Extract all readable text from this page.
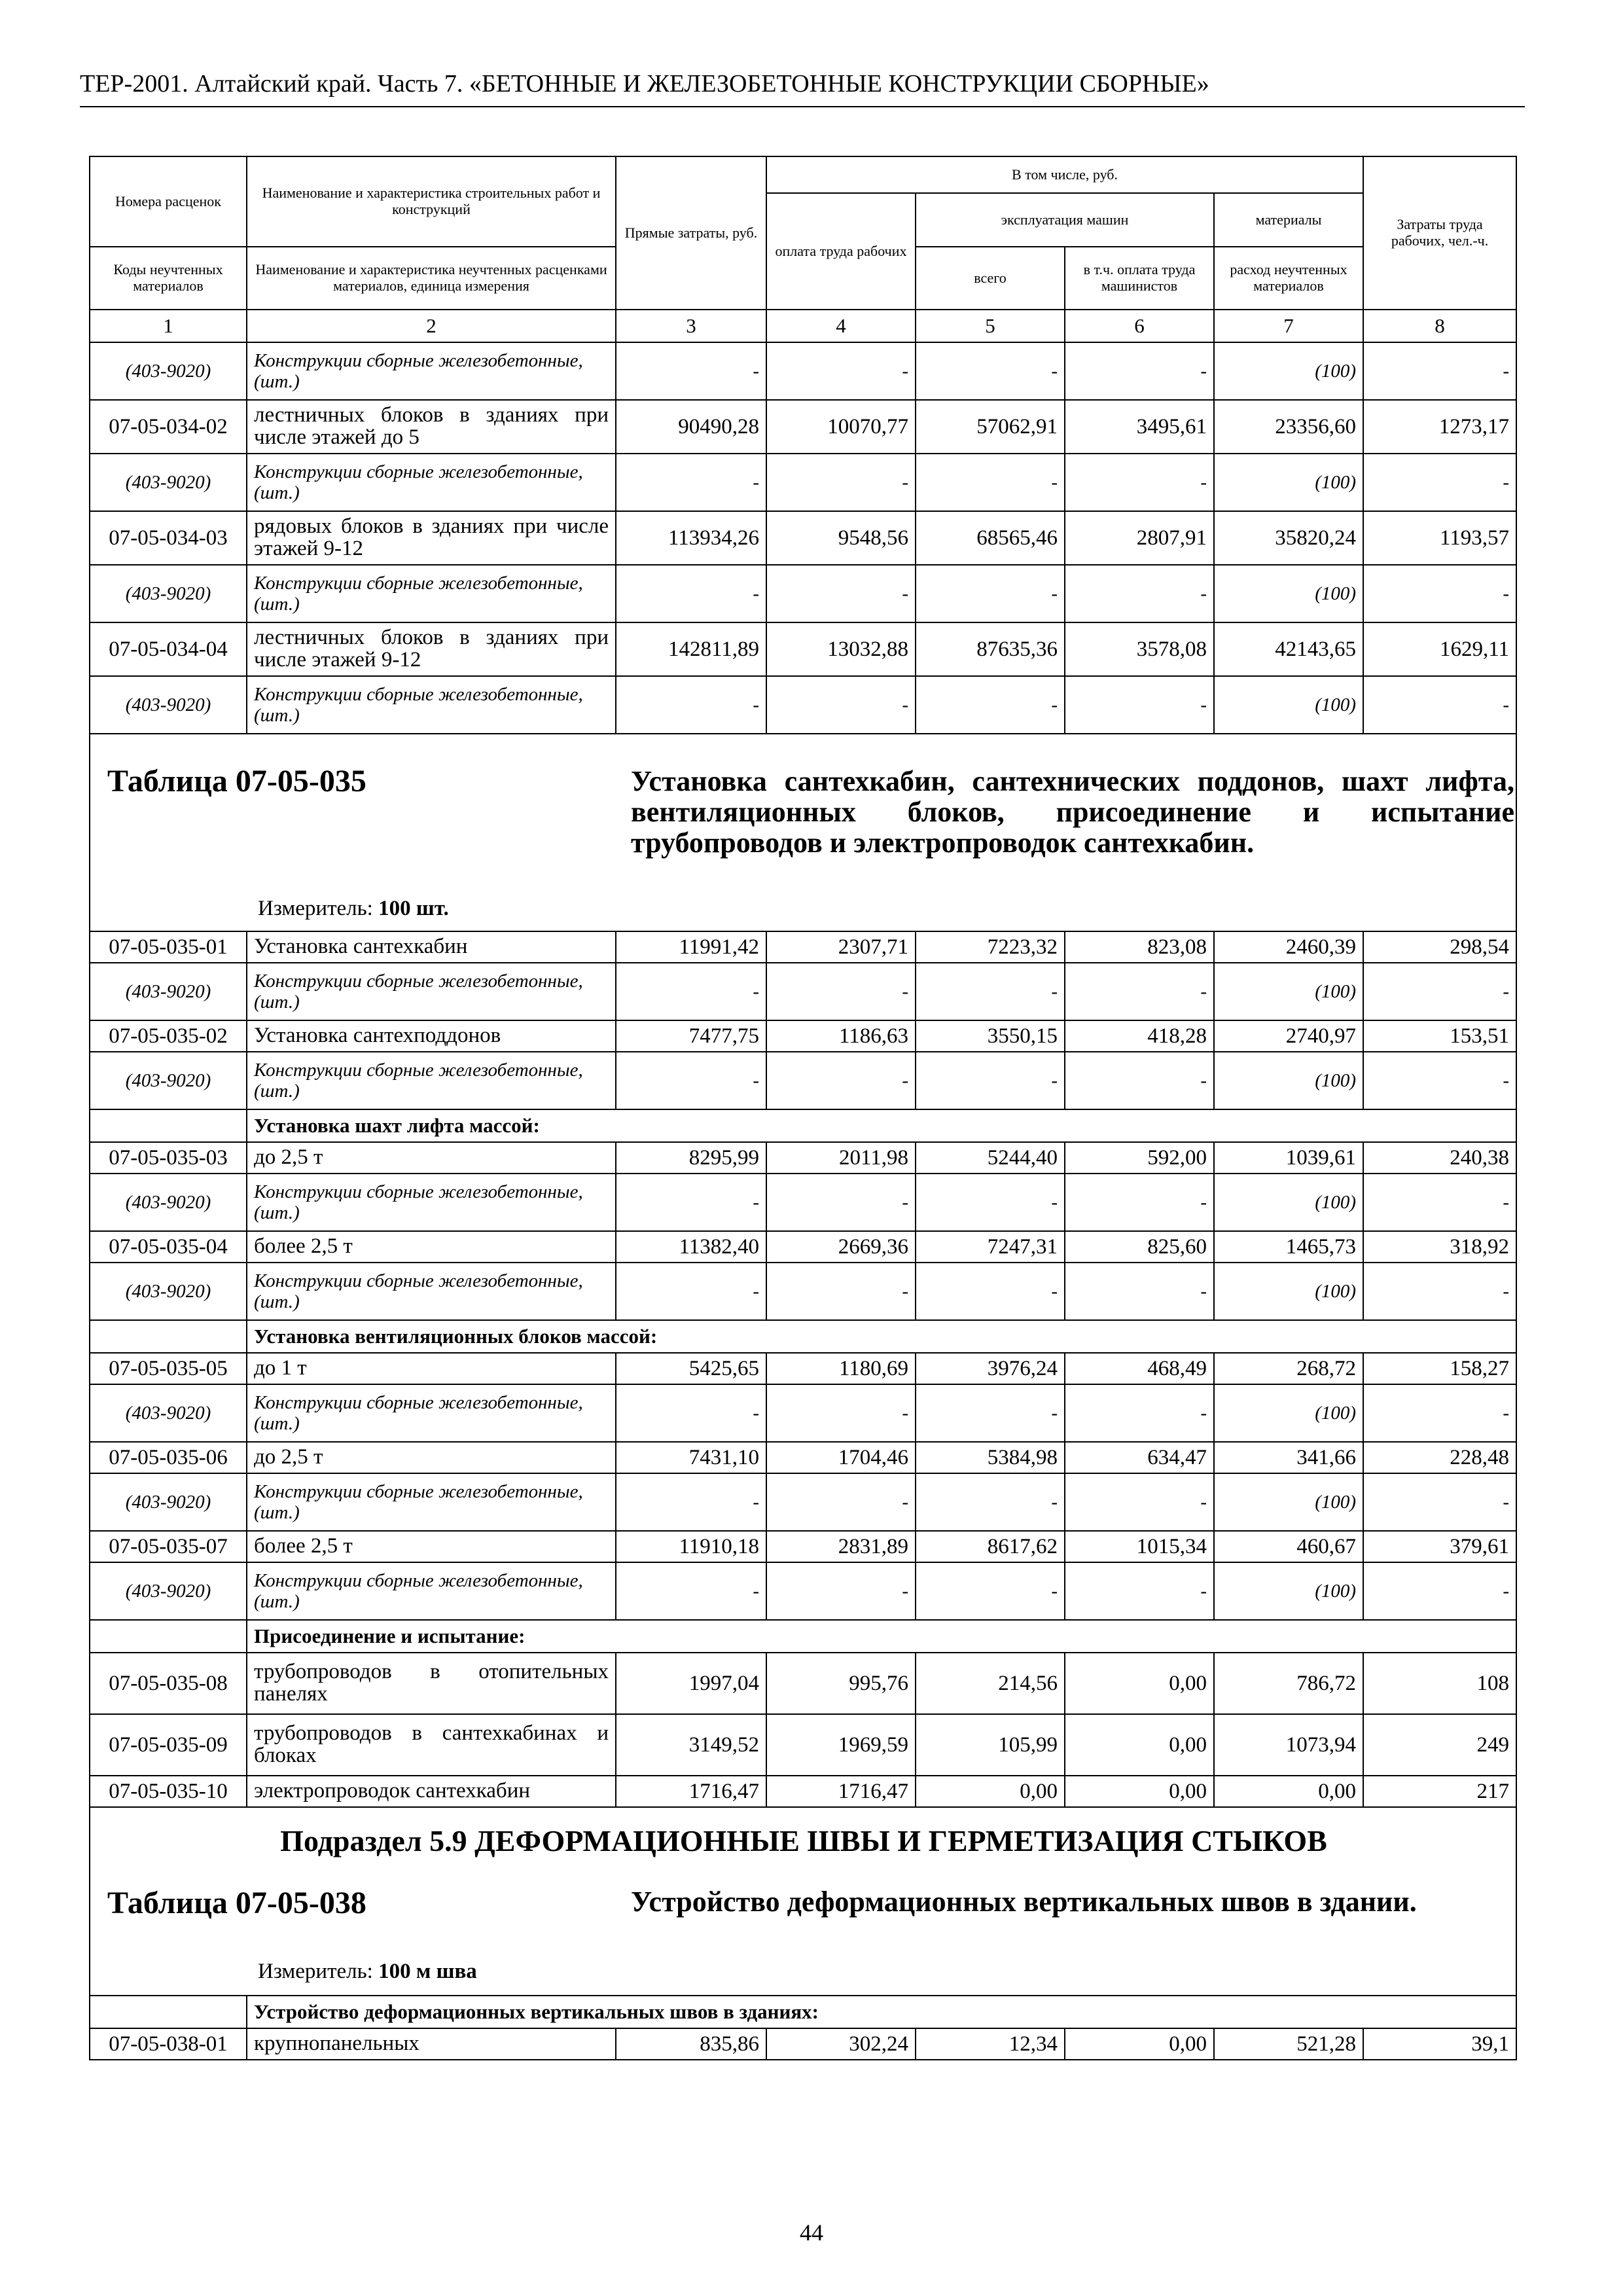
ТЕР-2001. Алтайский край. Часть 7. «БЕТОННЫЕ И ЖЕЛЕЗОБЕТОННЫЕ КОНСТРУКЦИИ СБОРНЫЕ»
Номера расценок	Наименование и характеристика строительных работ и конструкций	Прямые затраты, руб.	В том числе, руб.				Затраты труда рабочих, чел.-ч.
			оплата труда рабочих	эксплуатация машин		материалы	
Коды неучтенных материалов	Наименование и характеристика неучтенных расценками материалов, единица измерения			всего	в т.ч. оплата труда машинистов	расход неучтенных материалов	
1	2	3	4	5	6	7	8
(403-9020)	Конструкции сборные железобетонные, (шт.)	-	-	-	-	(100)	-
07-05-034-02	лестничных блоков в зданиях при числе этажей до 5	90490,28	10070,77	57062,91	3495,61	23356,60	1273,17
(403-9020)	Конструкции сборные железобетонные, (шт.)	-	-	-	-	(100)	-
07-05-034-03	рядовых блоков в зданиях при числе этажей 9-12	113934,26	9548,56	68565,46	2807,91	35820,24	1193,57
(403-9020)	Конструкции сборные железобетонные, (шт.)	-	-	-	-	(100)	-
07-05-034-04	лестничных блоков в зданиях при числе этажей 9-12	142811,89	13032,88	87635,36	3578,08	42143,65	1629,11
(403-9020)	Конструкции сборные железобетонные, (шт.)	-	-	-	-	(100)	-

Таблица 07-05-035 Установка сантехкабин, сантехнических поддонов, шахт лифта, вентиляционных блоков, присоединение и испытание трубопроводов и электропроводок сантехкабин.
Измеритель: 100 шт.							

07-05-035-01	Установка сантехкабин	11991,42	2307,71	7223,32	823,08	2460,39	298,54
(403-9020)	Конструкции сборные железобетонные, (шт.)	-	-	-	-	(100)	-
07-05-035-02	Установка сантехподдонов	7477,75	1186,63	3550,15	418,28	2740,97	153,51
(403-9020)	Конструкции сборные железобетонные, (шт.)	-	-	-	-	(100)	-
	Установка шахт лифта массой:						
07-05-035-03	до 2,5 т	8295,99	2011,98	5244,40	592,00	1039,61	240,38
(403-9020)	Конструкции сборные железобетонные, (шт.)	-	-	-	-	(100)	-
07-05-035-04	более 2,5 т	11382,40	2669,36	7247,31	825,60	1465,73	318,92
(403-9020)	Конструкции сборные железобетонные, (шт.)	-	-	-	-	(100)	-
	Установка вентиляционных блоков массой:						
07-05-035-05	до 1 т	5425,65	1180,69	3976,24	468,49	268,72	158,27
(403-9020)	Конструкции сборные железобетонные, (шт.)	-	-	-	-	(100)	-
07-05-035-06	до 2,5 т	7431,10	1704,46	5384,98	634,47	341,66	228,48
(403-9020)	Конструкции сборные железобетонные, (шт.)	-	-	-	-	(100)	-
07-05-035-07	более 2,5 т	11910,18	2831,89	8617,62	1015,34	460,67	379,61
(403-9020)	Конструкции сборные железобетонные, (шт.)	-	-	-	-	(100)	-
	Присоединение и испытание:						
07-05-035-08	трубопроводов в отопительных панелях	1997,04	995,76	214,56	0,00	786,72	108
07-05-035-09	трубопроводов в сантехкабинах и блоках	3149,52	1969,59	105,99	0,00	1073,94	249
07-05-035-10	электропроводок сантехкабин	1716,47	1716,47	0,00	0,00	0,00	217

Подраздел 5.9 ДЕФОРМАЦИОННЫЕ ШВЫ И ГЕРМЕТИЗАЦИЯ СТЫКОВ
Таблица 07-05-038 Устройство деформационных вертикальных швов в здании.
Измеритель: 100 м шва							

	Устройство деформационных вертикальных швов в зданиях:						
07-05-038-01	крупнопанельных	835,86	302,24	12,34	0,00	521,28	39,1
44
